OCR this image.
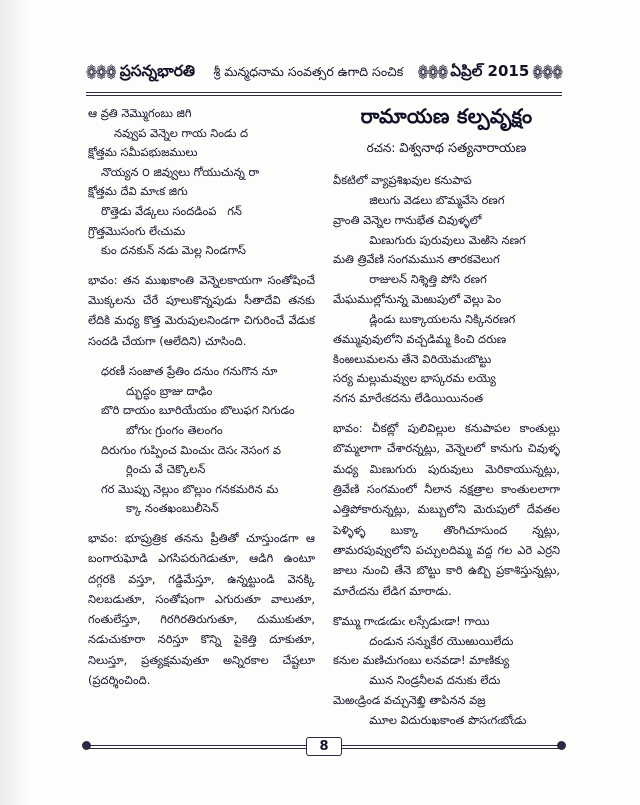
❁❁❁ ప్రసన్నభారతి	శ్రీ మన్మధనామ సంవత్సర ఉగాది సంచిక	❁❁❁ ఏప్రిల్ 2015 ❁❁❁
ఆ వ్రతి నెమ్మొగంబు జిగి
నవ్వుప వెన్నెల గాయ నిండు ద
క్షోత్తమ సమీపభుజములు
నొయ్యన ౦ జివ్వులు గోయుచున్న రా
క్షోత్తమ దేవి మాఁక జిగు
రొత్తెడు వేడ్కలు సందడింప   గన్
గ్రొత్తమొసంగు లేఁచుమ
కుం దనకున్ నడు మెల్ల నిండగాస్
భావం: తన ముఖకాంతి వెన్నెలకాయగా సంతోషించే మొక్కలను చేరే పూలుకొన్నపుడు సీతాదేవి తనకు లేదికి మధ్య కొత్త మెరుపులనిండగా చిగురించే వేడుక సందడి చేయగా (ఆలేదిని) చూసింది.
ధరణీ సంజాత ప్రేతిం దనుం గనుగొన నూ
ద్భుద్ధం బ్రాజు దాఢిం
బొరి దాయం బూరియేయం బొలుఫగ నిగుడం
బోగుఁ గ్రుంగం తెలంగం
దిరుగుం గుప్పించ మించుఁ దెసఁ నెసంగ వ
ర్లించు వే చెక్కొలన్
గర మొప్పు నెల్లుం బొల్లుం గనకమరిన మ
క్కా నంతఖంబులీసెన్
భావం: భూప్రుత్రిక తనను ప్రీతితో చూస్తుండగా ఆ బంగారుఘోడి ఎగసిపరుగెడుతూ, ఆడిగి ఉంటూ దగ్గరకి వస్తూ, గడ్డిమేస్తూ, ఉన్నట్టుండి వెనక్కి నిలబడుతూ, సంతోషంగా ఎగురుతూ వాలుతూ, గంతులేస్తూ, గిరగిరతిరుగుతూ, దుముకుతూ, నడుచుకూరా నరిస్తూ కొన్ని పైకెత్తి దూకుతూ, నిలుస్తూ, ప్రత్యక్షమవుతూ అన్నిరకాల చేష్టలూ (ప్రదర్శించింది.
రామాయణ కల్పవృక్షం
రచన: విశ్వనాథ సత్యనారాయణ
వీకటిలో వ్యాప్రశిఖవుల కనుపాప
జిలుగు వెడలు బొమ్మవేసె రణగ
వ్రాంతి వెన్నెల గానుభేత చివుళ్ళలో
మిణుగురు పురువులు మెఱిసె నణగ
మతి త్రివేణి సంగమమున తారకవెలుగ
రాజులన్ నిశ్శిత్తి పోసి రణగ
మేఘముల్లోనున్న మెఱుపులో వెల్లు పెం
డ్లిండు బుక్కాయలను నిక్కినరణగ
తమ్మువువులోని వచ్చడిమ్మ కించి దరుణ
కింఱలుమలను తేనె విరియెమఁబొట్టు
సర్య మల్లుమవ్వుల భాస్కరమ లయ్యె
నగన మారేఁకదను లేడియియినంత
భావం: చీకట్లో పులివిల్లుల కనుపాపల కాంతుల్లు బొమ్మలాగా చేశారన్నట్లు, వెన్నెలలో కానుగు చివుళ్ళ మధ్య మిణుగురు పురువులు మెరికాయున్నట్లు, త్రివేణి సంగమంలో నీలాన నక్షత్రాల కాంతులలాగా ఎత్తిపోకారున్నట్లు, మబ్బులోని మెరుపులో దేవతల పెళ్ళిళ్ళ బుక్కా తొంగిచూసుంద న్నట్లు, తామరపువ్వులోని పచ్చులదిమ్మ వద్ద గల ఎరె ఎర్రని జాలు నుంచి తేనె బొట్టు కారి ఉబ్బి ప్రకాశిస్తున్నట్లు, మారేఁదను లేడిగ మారాడు.
కొమ్ము గాఁడఁడుఁ లస్సేడుఁడా! గాయి
దండున సన్నుకేర యొఱుయిలేదు
కనుల మణిచుగంబు లనవడా! మాణిక్యు
మున నిండ్రనీలవ దనుకు లేదు
మెఱఁడ్రిండ వచ్చునెఖ్తి తాపినన వజ్ర
మూల విదురుఖకాంత పొసఁగఁబోఁడు
8
